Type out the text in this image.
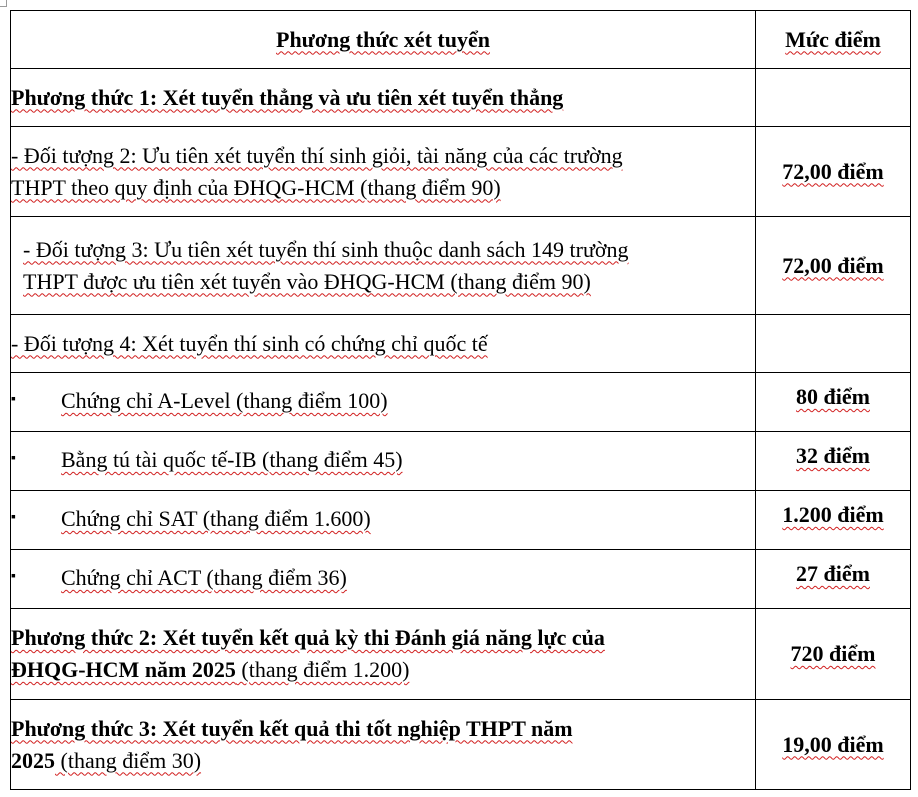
Phương thức xét tuyển	Mức điểm
Phương thức 1: Xét tuyển thẳng và ưu tiên xét tuyển thẳng	

- Đối tượng 2: Ưu tiên xét tuyển thí sinh giỏi, tài năng của các trường
THPT theo quy định của ĐHQG-HCM (thang điểm 90)	72,00 điểm

- Đối tượng 3: Ưu tiên xét tuyển thí sinh thuộc danh sách 149 trường
THPT được ưu tiên xét tuyển vào ĐHQG-HCM (thang điểm 90)	72,00 điểm
- Đối tượng 4: Xét tuyển thí sinh có chứng chỉ quốc tế	
▪ Chứng chỉ A-Level (thang điểm 100)	80 điểm
▪ Bằng tú tài quốc tế-IB (thang điểm 45)	32 điểm
▪ Chứng chỉ SAT (thang điểm 1.600)	1.200 điểm
▪ Chứng chỉ ACT (thang điểm 36)	27 điểm

Phương thức 2: Xét tuyển kết quả kỳ thi Đánh giá năng lực của
ĐHQG-HCM năm 2025 (thang điểm 1.200)	720 điểm

Phương thức 3: Xét tuyển kết quả thi tốt nghiệp THPT năm
2025 (thang điểm 30)	19,00 điểm
